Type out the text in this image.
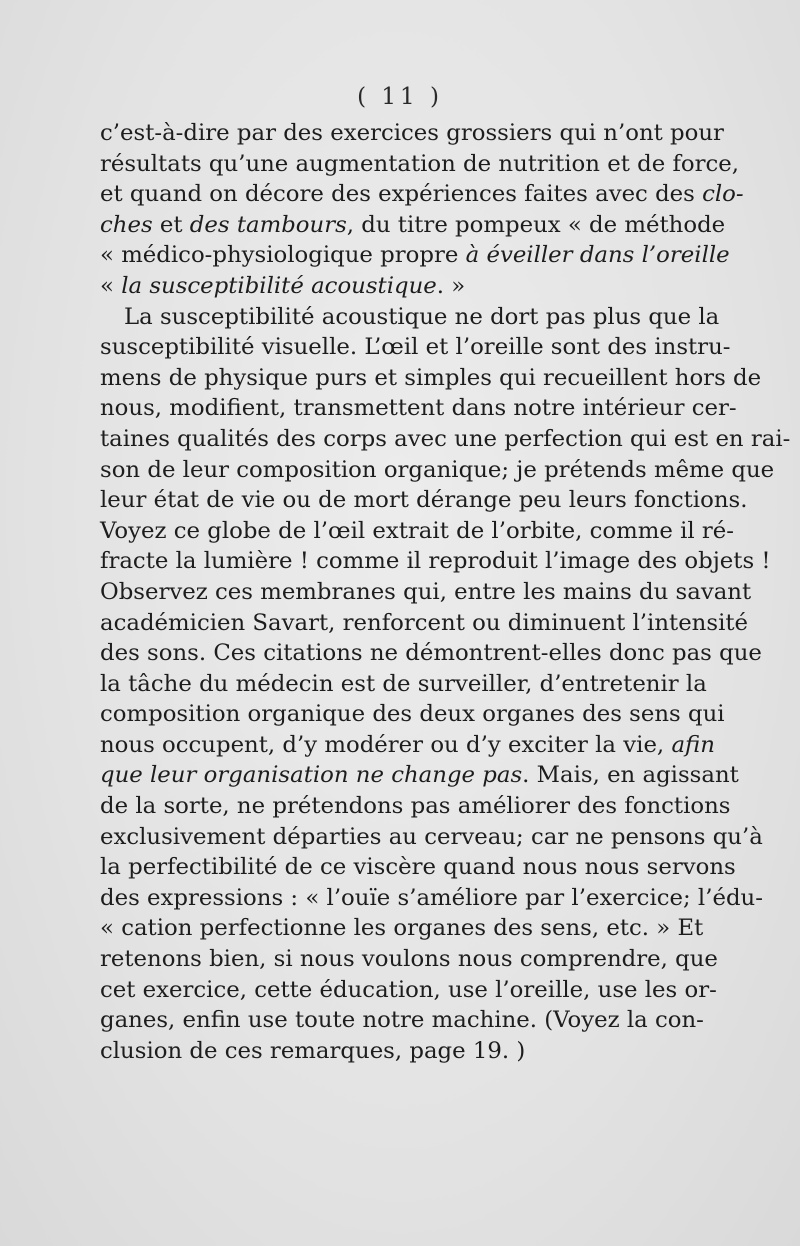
( 11 )
c’est-à-dire par des exercices grossiers qui n’ont pour
résultats qu’une augmentation de nutrition et de force,
et quand on décore des expériences faites avec des clo-
ches et des tambours, du titre pompeux « de méthode
« médico-physiologique propre à éveiller dans l’oreille
« la susceptibilité acoustique. »
La susceptibilité acoustique ne dort pas plus que la
susceptibilité visuelle. L’œil et l’oreille sont des instru-
mens de physique purs et simples qui recueillent hors de
nous, modifient, transmettent dans notre intérieur cer-
taines qualités des corps avec une perfection qui est en rai-
son de leur composition organique; je prétends même que
leur état de vie ou de mort dérange peu leurs fonctions.
Voyez ce globe de l’œil extrait de l’orbite, comme il ré-
fracte la lumière ! comme il reproduit l’image des objets !
Observez ces membranes qui, entre les mains du savant
académicien Savart, renforcent ou diminuent l’intensité
des sons. Ces citations ne démontrent-elles donc pas que
la tâche du médecin est de surveiller, d’entretenir la
composition organique des deux organes des sens qui
nous occupent, d’y modérer ou d’y exciter la vie, afin
que leur organisation ne change pas. Mais, en agissant
de la sorte, ne prétendons pas améliorer des fonctions
exclusivement départies au cerveau; car ne pensons qu’à
la perfectibilité de ce viscère quand nous nous servons
des expressions : « l’ouïe s’améliore par l’exercice; l’édu-
« cation perfectionne les organes des sens, etc. » Et
retenons bien, si nous voulons nous comprendre, que
cet exercice, cette éducation, use l’oreille, use les or-
ganes, enfin use toute notre machine. (Voyez la con-
clusion de ces remarques, page 19. )
